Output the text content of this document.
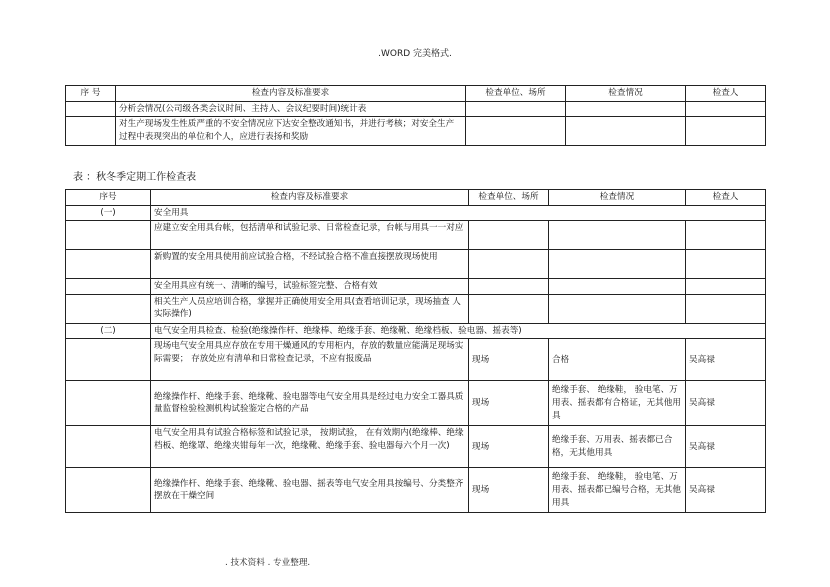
.WORD 完美格式.
序 号	检查内容及标准要求	检查单位、场所	检查情况	检查人
	分析会情况(公司级各类会议时间、主持人、会议纪要时间)统计表			
	对生产现场发生性质严重的不安全情况应下达安全整改通知书，并进行考核；对安全生产过程中表现突出的单位和个人，应进行表扬和奖励			
表 ：秋冬季定期工作检查表
序号	检查内容及标准要求	检查单位、场所	检查情况	检查人
(一)	安全用具			
	应建立安全用具台帐，包括清单和试验记录、日常检查记录，台帐与用具一一对应			
	新购置的安全用具使用前应试验合格，不经试验合格不准直接摆放现场使用			
	安全用具应有统一、清晰的编号，试验标签完整、合格有效			
	相关生产人员应培训合格，掌握并正确使用安全用具(查看培训记录，现场抽查 人实际操作)			
(二)	电气安全用具检查、检验(绝缘操作杆、绝缘棒、绝缘手套、绝缘靴、绝缘档板、验电器、摇表等)			
	现场电气安全用具应存放在专用干燥通风的专用柜内，存放的数量应能满足现场实际需要； 存放处应有清单和日常检查记录，不应有报废品	现场	合格	吴高禄
	绝缘操作杆、绝缘手套、绝缘靴、验电器等电气安全用具是经过电力安全工器具质量监督检验检测机构试验鉴定合格的产品	现场	绝缘手套、 绝缘鞋， 验电笔、万用表、摇表都有合格证，无其他用具	吴高禄
	电气安全用具有试验合格标签和试验记录， 按期试验， 在有效期内(绝缘棒、绝缘档板、绝缘罩、绝缘夹钳每年一次，绝缘靴、绝缘手套、验电器每六个月一次)	现场	绝缘手套、万用表、摇表都已合格，无其他用具	吴高禄
	绝缘操作杆、绝缘手套、绝缘靴、验电器、摇表等电气安全用具按编号、分类整齐摆放在干燥空间	现场	绝缘手套、 绝缘鞋， 验电笔、万用表、摇表都已编号合格，无其他用具	吴高禄
. 技术资料 . 专业整理.
